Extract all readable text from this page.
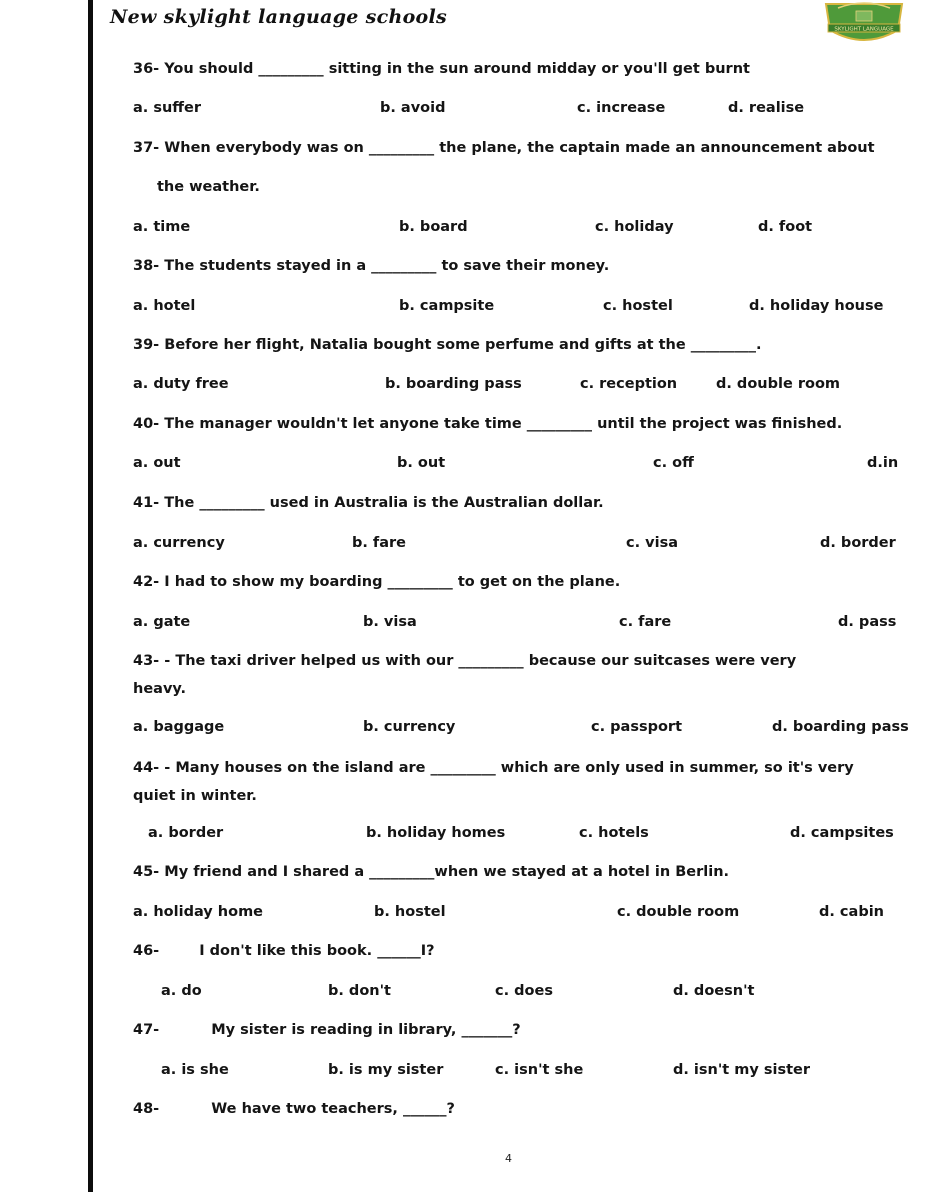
New skylight language schools
SKYLIGHT LANGUAGE
36- You should _________ sitting in the sun around midday or you'll get burnt
a. suffer	b. avoid	c. increase	d. realise
37- When everybody was on _________ the plane, the captain made an announcement about
the weather.
a. time	b. board	c. holiday	d. foot
38- The students stayed in a _________ to save their money.
a. hotel	b. campsite	c. hostel	d. holiday house
39- Before her flight, Natalia bought some perfume and gifts at the _________.
a. duty free	b. boarding pass	c. reception	d. double room
40- The manager wouldn't let anyone take time _________ until the project was finished.
a. out	b. out	c. off	d.in
41- The _________ used in Australia is the Australian dollar.
a. currency	b. fare	c. visa	d. border
42- I had to show my boarding _________ to get on the plane.
a. gate	b. visa	c. fare	d. pass
43- - The taxi driver helped us with our _________ because our suitcases were very
heavy.
a. baggage	b. currency	c. passport	d. boarding pass
44- - Many houses on the island are _________ which are only used in summer, so it's very
quiet in winter.
a. border	b. holiday homes	c. hotels	d. campsites
45- My friend and I shared a _________when we stayed at a hotel in Berlin.
a. holiday home	b. hostel	c. double room	d. cabin
46-	I don't like this book. ______I?
a. do	b. don't	c. does	d. doesn't
47-	My sister is reading in library, _______?
a. is she	b. is my sister	c. isn't she	d. isn't my sister
48-	We have two teachers, ______?
4
